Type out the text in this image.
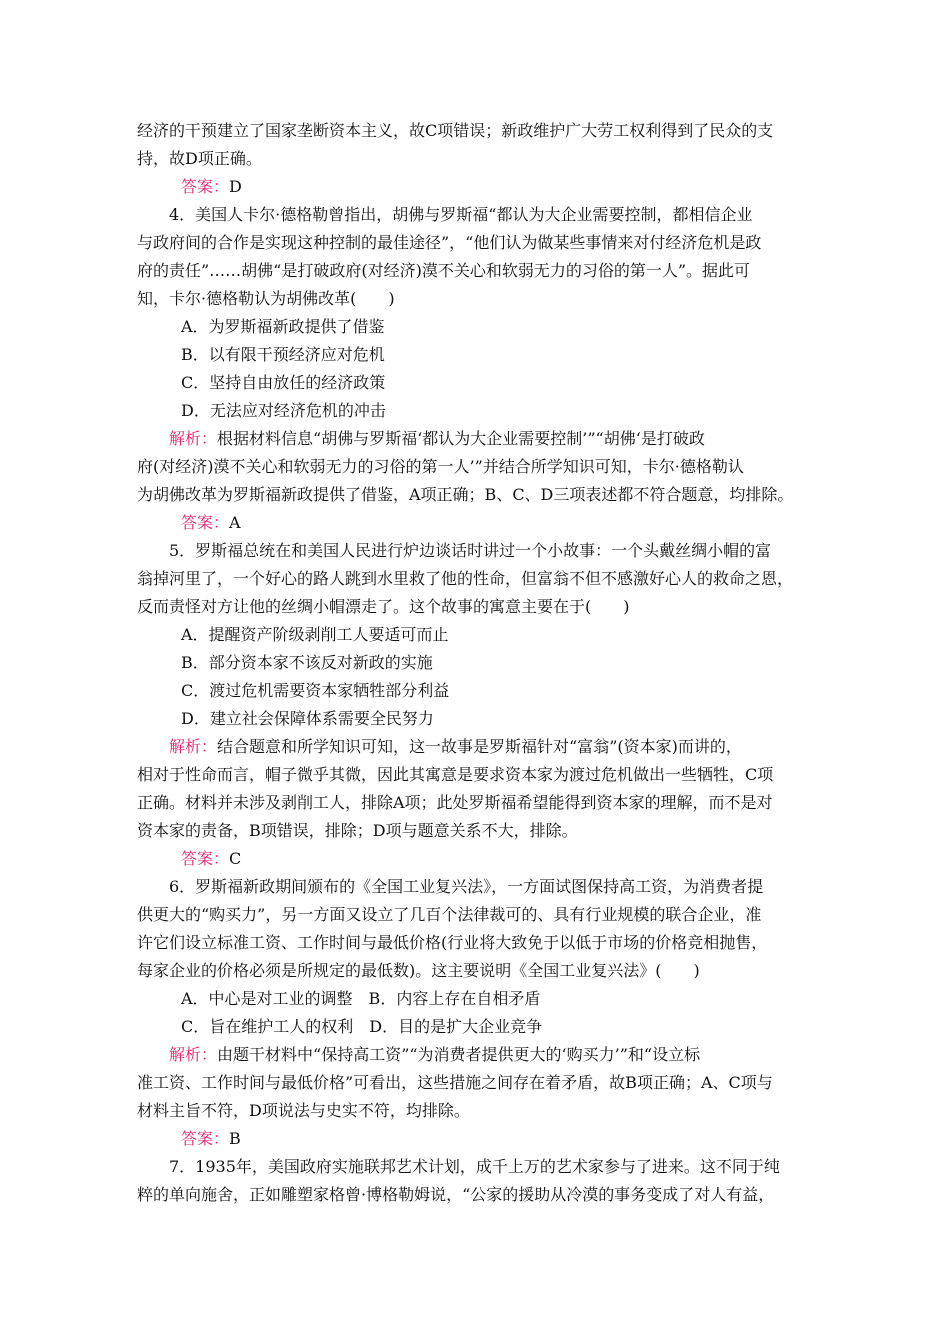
经济的干预建立了国家垄断资本主义，故C项错误；新政维护广大劳工权利得到了民众的支

持，故D项正确。

答案：D

4．美国人卡尔·德格勒曾指出，胡佛与罗斯福“都认为大企业需要控制，都相信企业

与政府间的合作是实现这种控制的最佳途径”，“他们认为做某些事情来对付经济危机是政

府的责任”……胡佛“是打破政府(对经济)漠不关心和软弱无力的习俗的第一人”。据此可

知，卡尔·德格勒认为胡佛改革(　　)

A．为罗斯福新政提供了借鉴

B．以有限干预经济应对危机

C．坚持自由放任的经济政策

D．无法应对经济危机的冲击

解析：根据材料信息“胡佛与罗斯福‘都认为大企业需要控制’”“胡佛‘是打破政

府(对经济)漠不关心和软弱无力的习俗的第一人’”并结合所学知识可知，卡尔·德格勒认

为胡佛改革为罗斯福新政提供了借鉴，A项正确；B、C、D三项表述都不符合题意，均排除。

答案：A

5．罗斯福总统在和美国人民进行炉边谈话时讲过一个小故事：一个头戴丝绸小帽的富

翁掉河里了，一个好心的路人跳到水里救了他的性命，但富翁不但不感激好心人的救命之恩，

反而责怪对方让他的丝绸小帽漂走了。这个故事的寓意主要在于(　　)

A．提醒资产阶级剥削工人要适可而止

B．部分资本家不该反对新政的实施

C．渡过危机需要资本家牺牲部分利益

D．建立社会保障体系需要全民努力

解析：结合题意和所学知识可知，这一故事是罗斯福针对“富翁”(资本家)而讲的，

相对于性命而言，帽子微乎其微，因此其寓意是要求资本家为渡过危机做出一些牺牲，C项

正确。材料并未涉及剥削工人，排除A项；此处罗斯福希望能得到资本家的理解，而不是对

资本家的责备，B项错误，排除；D项与题意关系不大，排除。

答案：C

6．罗斯福新政期间颁布的《全国工业复兴法》，一方面试图保持高工资，为消费者提

供更大的“购买力”，另一方面又设立了几百个法律裁可的、具有行业规模的联合企业，准

许它们设立标准工资、工作时间与最低价格(行业将大致免于以低于市场的价格竞相抛售，

每家企业的价格必须是所规定的最低数)。这主要说明《全国工业复兴法》(　　)

A．中心是对工业的调整　B．内容上存在自相矛盾

C．旨在维护工人的权利　D．目的是扩大企业竞争

解析：由题干材料中“保持高工资”“为消费者提供更大的‘购买力’”和“设立标

准工资、工作时间与最低价格”可看出，这些措施之间存在着矛盾，故B项正确；A、C项与

材料主旨不符，D项说法与史实不符，均排除。

答案：B

7．1935年，美国政府实施联邦艺术计划，成千上万的艺术家参与了进来。这不同于纯

粹的单向施舍，正如雕塑家格曾·博格勒姆说，“公家的援助从冷漠的事务变成了对人有益，
